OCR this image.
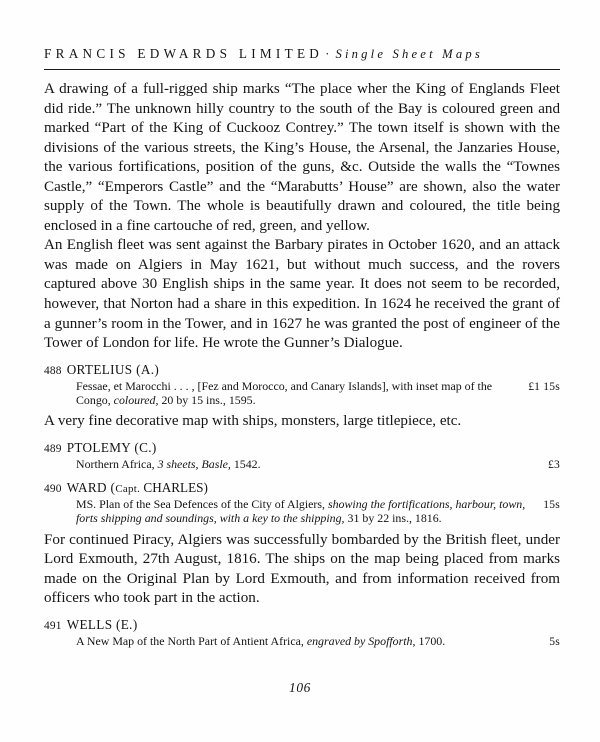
FRANCIS EDWARDS LIMITED · Single Sheet Maps

A drawing of a full-rigged ship marks “The place wher the King of Englands Fleet did ride.” The unknown hilly country to the south of the Bay is coloured green and marked “Part of the King of Cuckooz Contrey.” The town itself is shown with the divisions of the various streets, the King’s House, the Arsenal, the Janzaries House, the various fortifications, position of the guns, &c. Outside the walls the “Townes Castle,” “Emperors Castle” and the “Marabutts’ House” are shown, also the water supply of the Town. The whole is beautifully drawn and coloured, the title being enclosed in a fine cartouche of red, green, and yellow.

An English fleet was sent against the Barbary pirates in October 1620, and an attack was made on Algiers in May 1621, but without much success, and the rovers captured above 30 English ships in the same year. It does not seem to be recorded, however, that Norton had a share in this expedition. In 1624 he received the grant of a gunner’s room in the Tower, and in 1627 he was granted the post of engineer of the Tower of London for life. He wrote the Gunner’s Dialogue.

488 ORTELIUS (A.)
£1 15s
Fessae, et Marocchi . . . , [Fez and Morocco, and Canary Islands], with inset map of the Congo, coloured, 20 by 15 ins., 1595.

A very fine decorative map with ships, monsters, large titlepiece, etc.

489 PTOLEMY (C.)
£3
Northern Africa, 3 sheets, Basle, 1542.
490 WARD (Capt. CHARLES)
15s
MS. Plan of the Sea Defences of the City of Algiers, showing the fortifications, harbour, town, forts shipping and soundings, with a key to the shipping, 31 by 22 ins., 1816.

For continued Piracy, Algiers was successfully bombarded by the British fleet, under Lord Exmouth, 27th August, 1816. The ships on the map being placed from marks made on the Original Plan by Lord Exmouth, and from information received from officers who took part in the action.

491 WELLS (E.)
5s
A New Map of the North Part of Antient Africa, engraved by Spofforth, 1700.
106
